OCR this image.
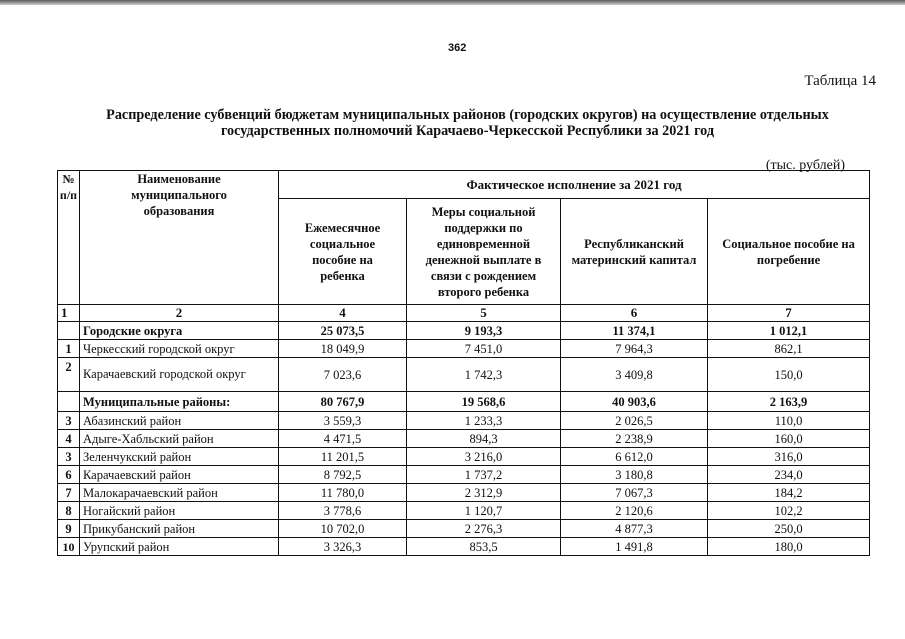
362
Таблица 14
Распределение субвенций бюджетам муниципальных районов (городских округов) на осуществление отдельных
государственных полномочий Карачаево-Черкесской Республики за 2021 год
(тыс. рублей)
№ п/п	Наименование муниципального образования	Фактическое исполнение за 2021 год			
		Ежемесячное социальное пособие на ребенка	Меры социальной поддержки по единовременной денежной выплате в связи с рождением второго ребенка	Республиканский материнский капитал	Социальное пособие на погребение
1	2	4	5	6	7
	Городские округа	25 073,5	9 193,3	11 374,1	1 012,1
1	Черкесский городской округ	18 049,9	7 451,0	7 964,3	862,1
2	Карачаевский городской округ	7 023,6	1 742,3	3 409,8	150,0
	Муниципальные районы:	80 767,9	19 568,6	40 903,6	2 163,9
3	Абазинский район	3 559,3	1 233,3	2 026,5	110,0
4	Адыге-Хабльский район	4 471,5	894,3	2 238,9	160,0
3	Зеленчукский район	11 201,5	3 216,0	6 612,0	316,0
6	Карачаевский район	8 792,5	1 737,2	3 180,8	234,0
7	Малокарачаевский район	11 780,0	2 312,9	7 067,3	184,2
8	Ногайский район	3 778,6	1 120,7	2 120,6	102,2
9	Прикубанский район	10 702,0	2 276,3	4 877,3	250,0
10	Урупский район	3 326,3	853,5	1 491,8	180,0
